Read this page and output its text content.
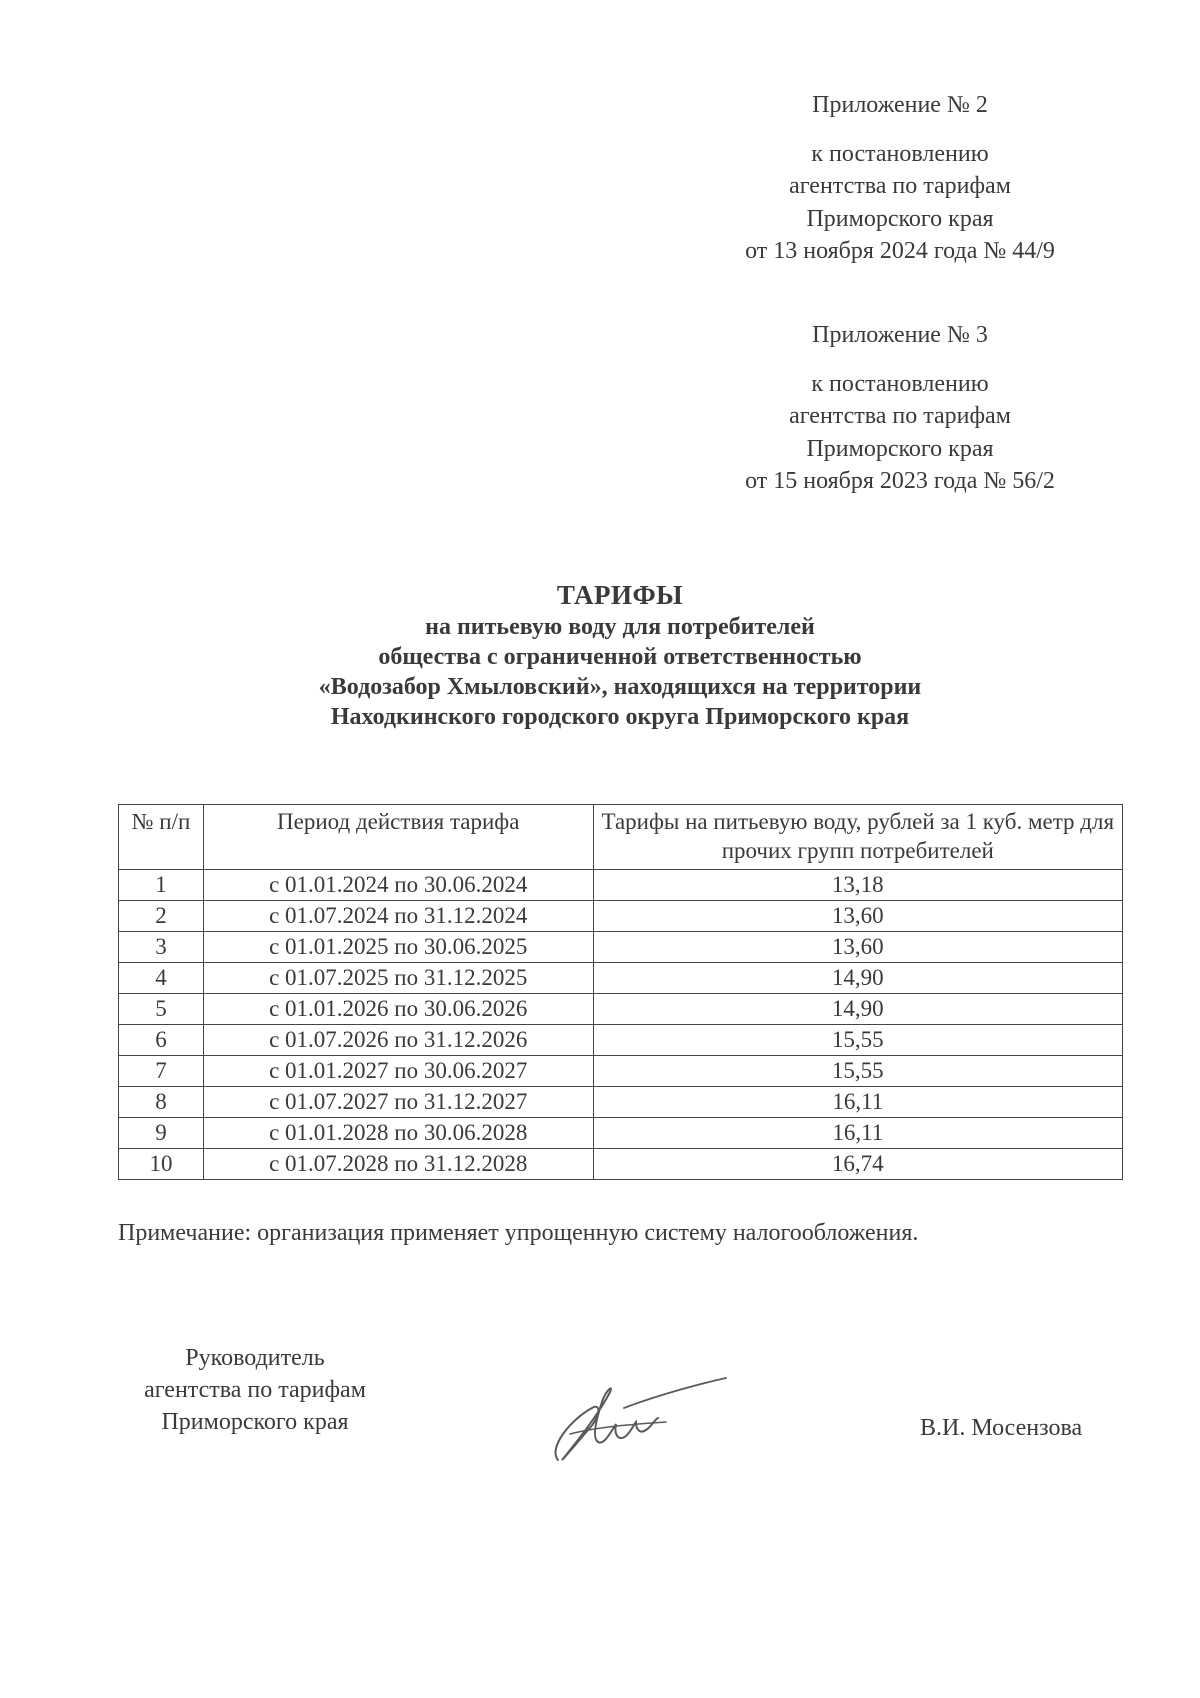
Приложение № 2
к постановлению
агентства по тарифам
Приморского края
от 13 ноября 2024 года № 44/9
Приложение № 3
к постановлению
агентства по тарифам
Приморского края
от 15 ноября 2023 года № 56/2
ТАРИФЫ
на питьевую воду для потребителей
общества с ограниченной ответственностью
«Водозабор Хмыловский», находящихся на территории
Находкинского городского округа Приморского края
№ п/п	Период действия тарифа	Тарифы на питьевую воду, рублей за 1 куб. метр для прочих групп потребителей
1	с 01.01.2024 по 30.06.2024	13,18
2	с 01.07.2024 по 31.12.2024	13,60
3	с 01.01.2025 по 30.06.2025	13,60
4	с 01.07.2025 по 31.12.2025	14,90
5	с 01.01.2026 по 30.06.2026	14,90
6	с 01.07.2026 по 31.12.2026	15,55
7	с 01.01.2027 по 30.06.2027	15,55
8	с 01.07.2027 по 31.12.2027	16,11
9	с 01.01.2028 по 30.06.2028	16,11
10	с 01.07.2028 по 31.12.2028	16,74
Примечание: организация применяет упрощенную систему налогообложения.
Руководитель
агентства по тарифам
Приморского края	В.И. Мосензова
